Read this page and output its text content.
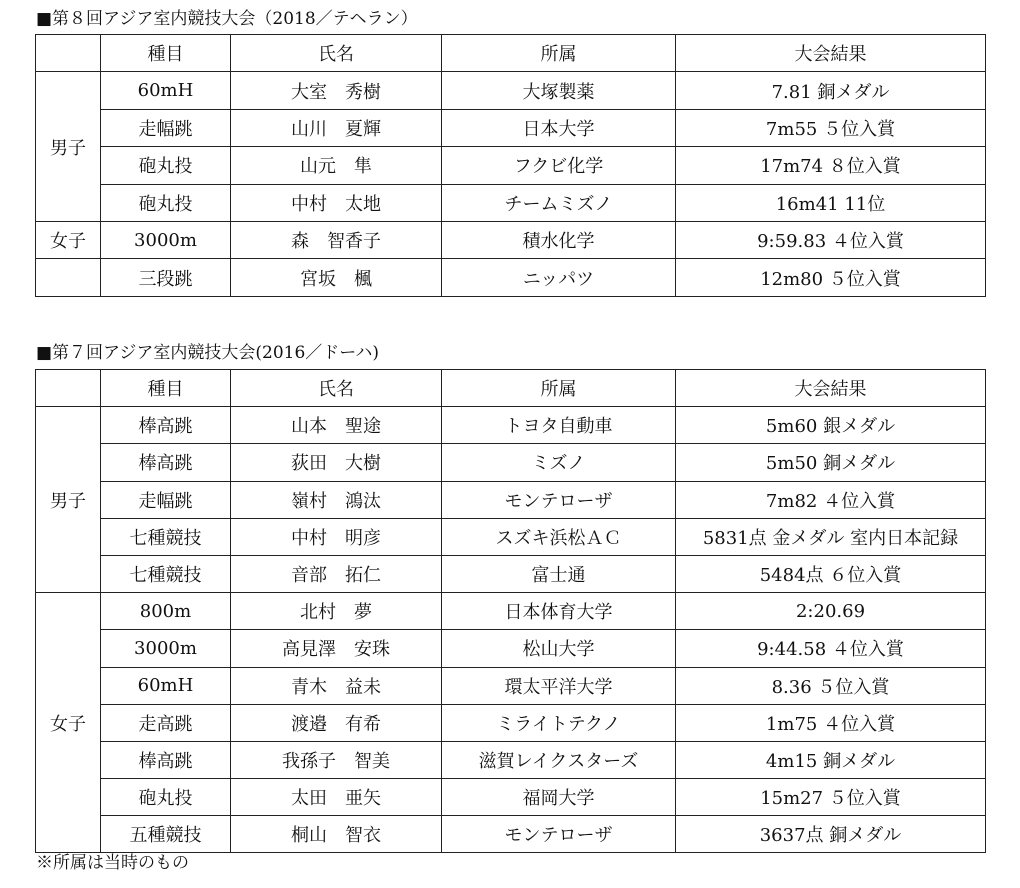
■第８回アジア室内競技大会（2018／テヘラン）
	種目	氏名	所属	大会結果
男子	60mH	大室　秀樹	大塚製薬	7.81 銅メダル
	走幅跳	山川　夏輝	日本大学	7m55 ５位入賞
	砲丸投	山元　隼	フクビ化学	17m74 ８位入賞
	砲丸投	中村　太地	チームミズノ	16m41 11位
女子	3000m	森　智香子	積水化学	9:59.83 ４位入賞
	三段跳	宮坂　楓	ニッパツ	12m80 ５位入賞
■第７回アジア室内競技大会(2016／ドーハ)
	種目	氏名	所属	大会結果
男子	棒高跳	山本　聖途	トヨタ自動車	5m60 銀メダル
	棒高跳	荻田　大樹	ミズノ	5m50 銅メダル
	走幅跳	嶺村　鴻汰	モンテローザ	7m82 ４位入賞
	七種競技	中村　明彦	スズキ浜松ＡＣ	5831点 金メダル 室内日本記録
	七種競技	音部　拓仁	富士通	5484点 ６位入賞
女子	800m	北村　夢	日本体育大学	2:20.69
	3000m	高見澤　安珠	松山大学	9:44.58 ４位入賞
	60mH	青木　益未	環太平洋大学	8.36 ５位入賞
	走高跳	渡邉　有希	ミライトテクノ	1m75 ４位入賞
	棒高跳	我孫子　智美	滋賀レイクスターズ	4m15 銅メダル
	砲丸投	太田　亜矢	福岡大学	15m27 ５位入賞
	五種競技	桐山　智衣	モンテローザ	3637点 銅メダル
※所属は当時のもの
